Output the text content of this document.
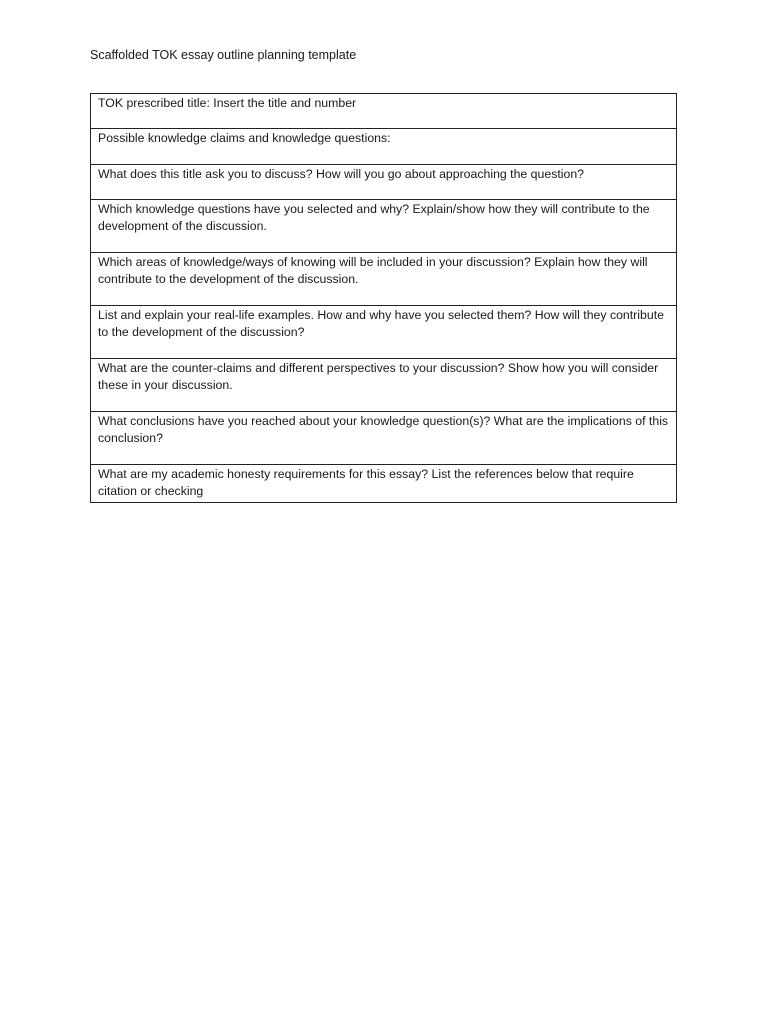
Scaffolded TOK essay outline planning template
TOK prescribed title: Insert the title and number
Possible knowledge claims and knowledge questions:
What does this title ask you to discuss? How will you go about approaching the question?
Which knowledge questions have you selected and why? Explain/show how they will contribute to the development of the discussion.
Which areas of knowledge/ways of knowing will be included in your discussion? Explain how they will contribute to the development of the discussion.
List and explain your real-life examples. How and why have you selected them? How will they contribute to the development of the discussion?
What are the counter-claims and different perspectives to your discussion? Show how you will consider these in your discussion.
What conclusions have you reached about your knowledge question(s)? What are the implications of this conclusion?
What are my academic honesty requirements for this essay? List the references below that require citation or checking
